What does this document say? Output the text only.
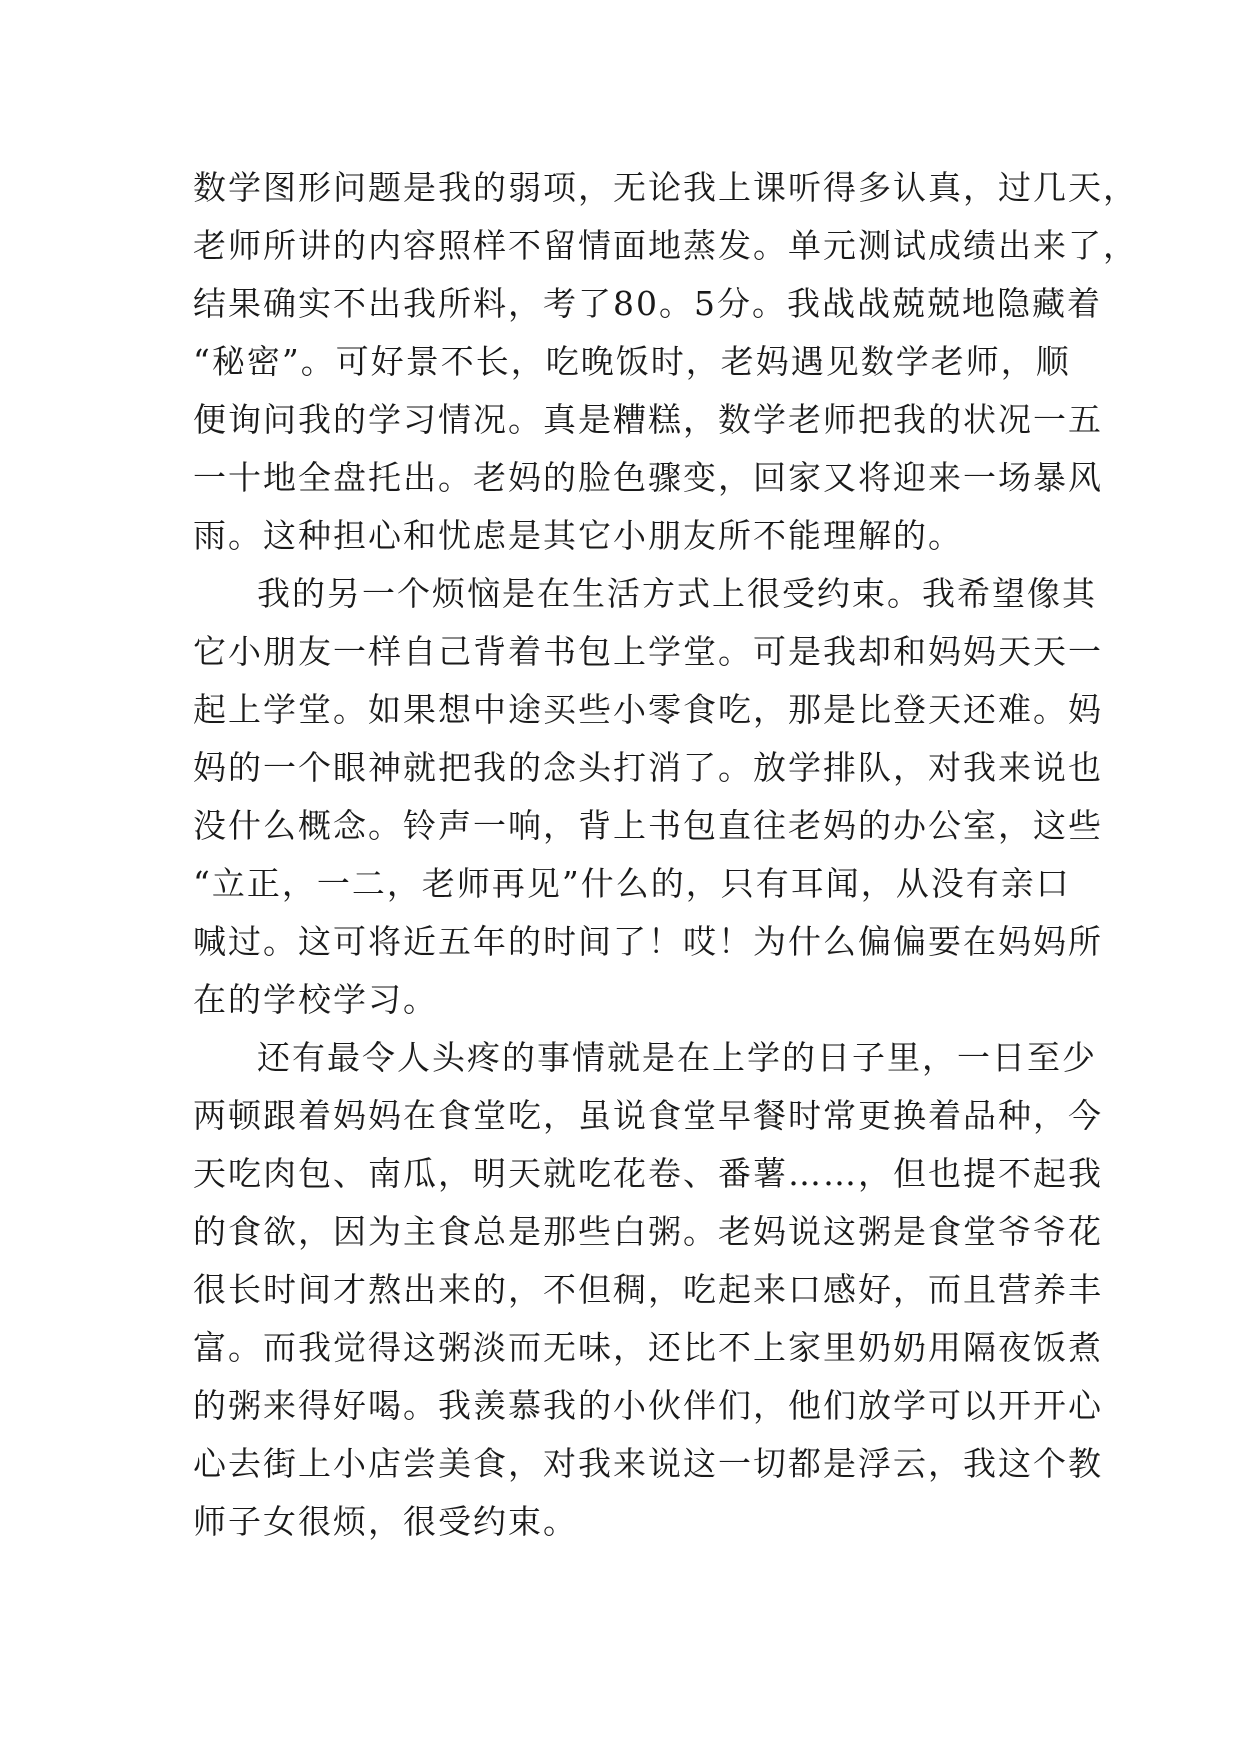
数学图形问题是我的弱项，无论我上课听得多认真，过几天，

老师所讲的内容照样不留情面地蒸发。单元测试成绩出来了，

结果确实不出我所料，考了80。5分。我战战兢兢地隐藏着

“秘密”。可好景不长，吃晚饭时，老妈遇见数学老师，顺

便询问我的学习情况。真是糟糕，数学老师把我的状况一五

一十地全盘托出。老妈的脸色骤变，回家又将迎来一场暴风

雨。这种担心和忧虑是其它小朋友所不能理解的。

我的另一个烦恼是在生活方式上很受约束。我希望像其

它小朋友一样自己背着书包上学堂。可是我却和妈妈天天一

起上学堂。如果想中途买些小零食吃，那是比登天还难。妈

妈的一个眼神就把我的念头打消了。放学排队，对我来说也

没什么概念。铃声一响，背上书包直往老妈的办公室，这些

“立正，一二，老师再见”什么的，只有耳闻，从没有亲口

喊过。这可将近五年的时间了！哎！为什么偏偏要在妈妈所

在的学校学习。

还有最令人头疼的事情就是在上学的日子里，一日至少

两顿跟着妈妈在食堂吃，虽说食堂早餐时常更换着品种，今

天吃肉包、南瓜，明天就吃花卷、番薯……，但也提不起我

的食欲，因为主食总是那些白粥。老妈说这粥是食堂爷爷花

很长时间才熬出来的，不但稠，吃起来口感好，而且营养丰

富。而我觉得这粥淡而无味，还比不上家里奶奶用隔夜饭煮

的粥来得好喝。我羡慕我的小伙伴们，他们放学可以开开心

心去街上小店尝美食，对我来说这一切都是浮云，我这个教

师子女很烦，很受约束。
